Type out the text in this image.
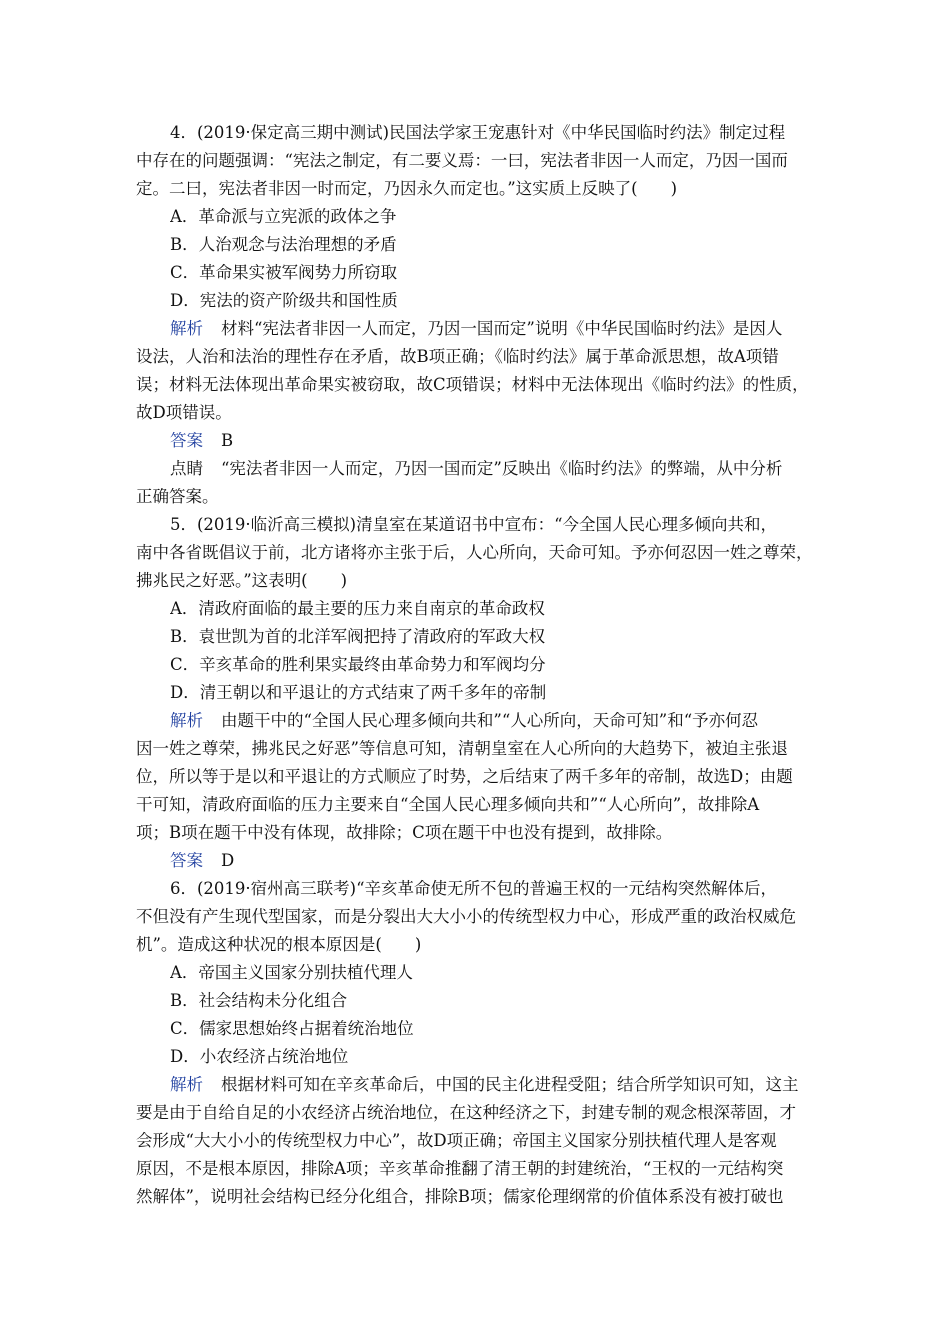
4．(2019·保定高三期中测试)民国法学家王宠惠针对《中华民国临时约法》制定过程
中存在的问题强调：“宪法之制定，有二要义焉：一曰，宪法者非因一人而定，乃因一国而
定。二曰，宪法者非因一时而定，乃因永久而定也。”这实质上反映了(　　)
A．革命派与立宪派的政体之争
B．人治观念与法治理想的矛盾
C．革命果实被军阀势力所窃取
D．宪法的资产阶级共和国性质
解析 材料“宪法者非因一人而定，乃因一国而定”说明《中华民国临时约法》是因人
设法，人治和法治的理性存在矛盾，故B项正确；《临时约法》属于革命派思想，故A项错
误；材料无法体现出革命果实被窃取，故C项错误；材料中无法体现出《临时约法》的性质，
故D项错误。
答案 B
点睛 “宪法者非因一人而定，乃因一国而定”反映出《临时约法》的弊端，从中分析
正确答案。
5．(2019·临沂高三模拟)清皇室在某道诏书中宣布：“今全国人民心理多倾向共和，
南中各省既倡议于前，北方诸将亦主张于后，人心所向，天命可知。予亦何忍因一姓之尊荣，
拂兆民之好恶。”这表明(　　)
A．清政府面临的最主要的压力来自南京的革命政权
B．袁世凯为首的北洋军阀把持了清政府的军政大权
C．辛亥革命的胜利果实最终由革命势力和军阀均分
D．清王朝以和平退让的方式结束了两千多年的帝制
解析 由题干中的“全国人民心理多倾向共和”“人心所向，天命可知”和“予亦何忍
因一姓之尊荣，拂兆民之好恶”等信息可知，清朝皇室在人心所向的大趋势下，被迫主张退
位，所以等于是以和平退让的方式顺应了时势，之后结束了两千多年的帝制，故选D；由题
干可知，清政府面临的压力主要来自“全国人民心理多倾向共和”“人心所向”，故排除A
项；B项在题干中没有体现，故排除；C项在题干中也没有提到，故排除。
答案 D
6．(2019·宿州高三联考)“辛亥革命使无所不包的普遍王权的一元结构突然解体后，
不但没有产生现代型国家，而是分裂出大大小小的传统型权力中心，形成严重的政治权威危
机”。造成这种状况的根本原因是(　　)
A．帝国主义国家分别扶植代理人
B．社会结构未分化组合
C．儒家思想始终占据着统治地位
D．小农经济占统治地位
解析 根据材料可知在辛亥革命后，中国的民主化进程受阻；结合所学知识可知，这主
要是由于自给自足的小农经济占统治地位，在这种经济之下，封建专制的观念根深蒂固，才
会形成“大大小小的传统型权力中心”，故D项正确；帝国主义国家分别扶植代理人是客观
原因，不是根本原因，排除A项；辛亥革命推翻了清王朝的封建统治，“王权的一元结构突
然解体”，说明社会结构已经分化组合，排除B项；儒家伦理纲常的价值体系没有被打破也
